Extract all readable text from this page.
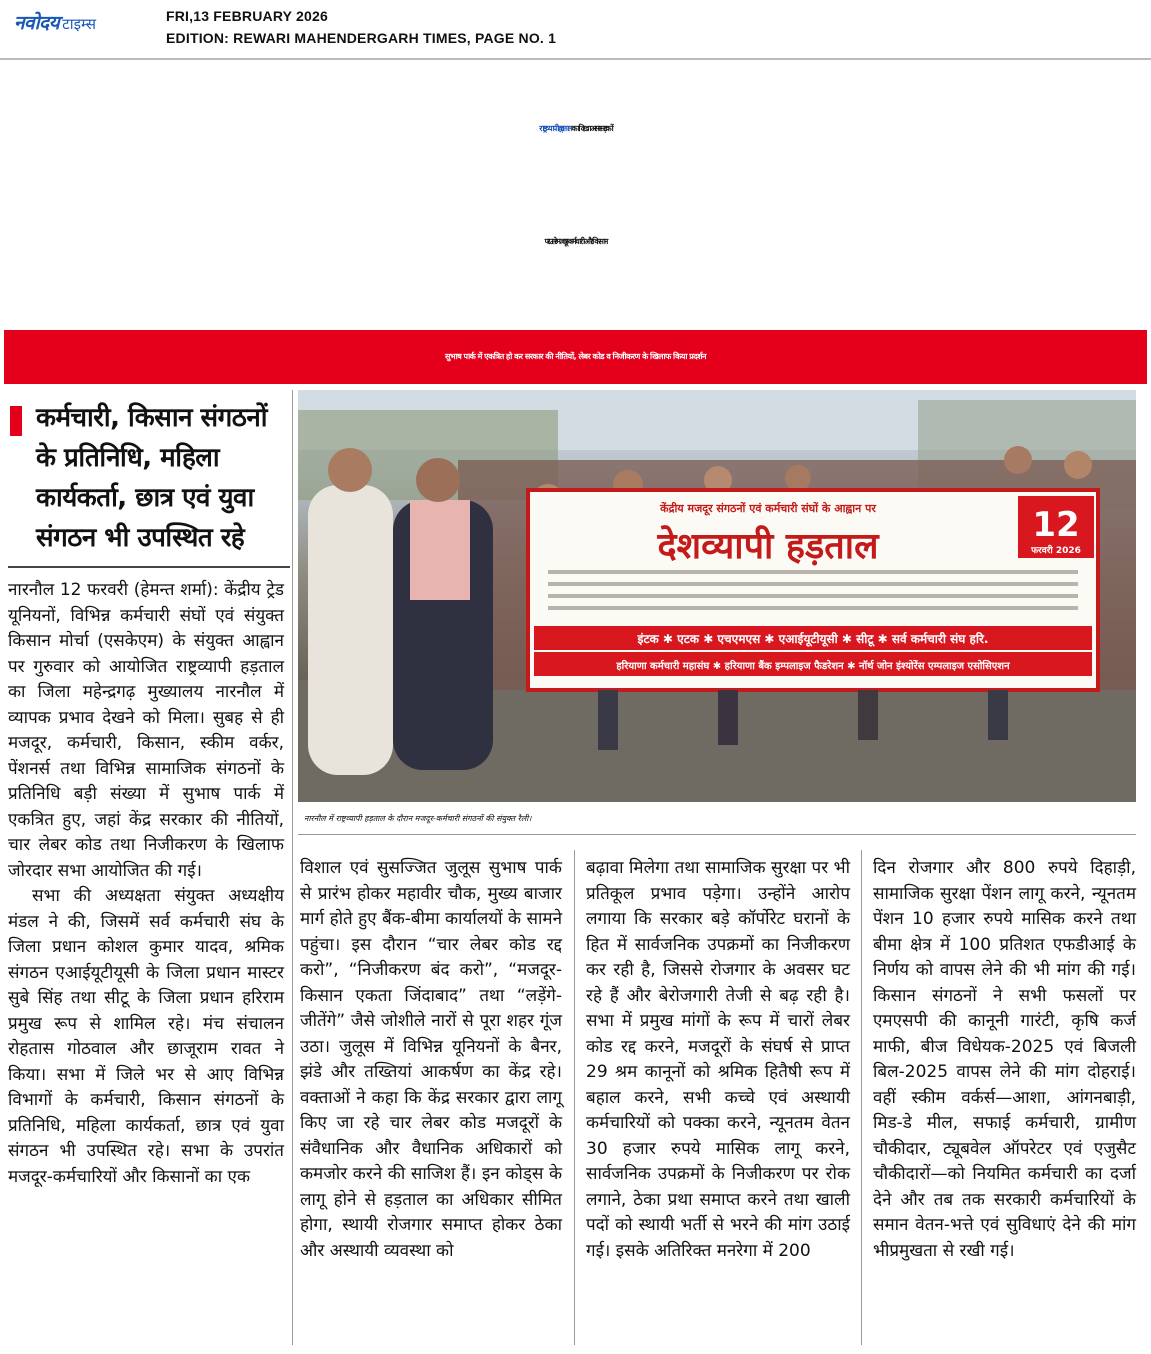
नवोदय टाइम्स	FRI,13 FEBRUARY 2026
EDITION: REWARI MAHENDERGARH TIMES, PAGE NO. 1
राष्ट्रव्यापी हड़ताल का दिखा असर सड़कों
पर उतरे मजदूर-कर्मचारी और किसान
सुभाष पार्क में एकत्रित हो कर सरकार की नीतियों, लेबर कोड व निजीकरण के खिलाफ किया प्रदर्शन
कर्मचारी, किसान संगठनों के प्रतिनिधि, महिला कार्यकर्ता, छात्र एवं युवा संगठन भी उपस्थित रहे
केंद्रीय मजदूर संगठनों एवं कर्मचारी संघों के आह्वान पर
देशव्यापी हड़ताल
12
फरवरी 2026
इंटक ✱ एटक ✱ एचएमएस ✱ एआईयूटीयूसी ✱ सीटू ✱ सर्व कर्मचारी संघ हरि.
हरियाणा कर्मचारी महासंघ ✱ हरियाणा बैंक इम्पलाइज फैडरेशन ✱ नॉर्थ जोन इंश्योरेंस एम्पलाइज एसोसिएशन
नारनौल में राष्ट्रव्यापी हड़ताल के दौरान मजदूर-कर्मचारी संगठनों की संयुक्त रैली।

नारनौल 12 फरवरी (हेमन्त शर्मा): केंद्रीय ट्रेड यूनियनों, विभिन्न कर्मचारी संघों एवं संयुक्त किसान मोर्चा (एसकेएम) के संयुक्त आह्वान पर गुरुवार को आयोजित राष्ट्रव्यापी हड़ताल का जिला महेन्द्रगढ़ मुख्यालय नारनौल में व्यापक प्रभाव देखने को मिला। सुबह से ही मजदूर, कर्मचारी, किसान, स्कीम वर्कर, पेंशनर्स तथा विभिन्न सामाजिक संगठनों के प्रतिनिधि बड़ी संख्या में सुभाष पार्क में एकत्रित हुए, जहां केंद्र सरकार की नीतियों, चार लेबर कोड तथा निजीकरण के खिलाफ जोरदार सभा आयोजित की गई।

सभा की अध्यक्षता संयुक्त अध्यक्षीय मंडल ने की, जिसमें सर्व कर्मचारी संघ के जिला प्रधान कोशल कुमार यादव, श्रमिक संगठन एआईयूटीयूसी के जिला प्रधान मास्टर सुबे सिंह तथा सीटू के जिला प्रधान हरिराम प्रमुख रूप से शामिल रहे। मंच संचालन रोहतास गोठवाल और छाजूराम रावत ने किया। सभा में जिले भर से आए विभिन्न विभागों के कर्मचारी, किसान संगठनों के प्रतिनिधि, महिला कार्यकर्ता, छात्र एवं युवा संगठन भी उपस्थित रहे। सभा के उपरांत मजदूर-कर्मचारियों और किसानों का एक

विशाल एवं सुसज्जित जुलूस सुभाष पार्क से प्रारंभ होकर महावीर चौक, मुख्य बाजार मार्ग होते हुए बैंक-बीमा कार्यालयों के सामने पहुंचा। इस दौरान “चार लेबर कोड रद्द करो”, “निजीकरण बंद करो”, “मजदूर-किसान एकता जिंदाबाद” तथा “लड़ेंगे-जीतेंगे” जैसे जोशीले नारों से पूरा शहर गूंज उठा। जुलूस में विभिन्न यूनियनों के बैनर, झंडे और तख्तियां आकर्षण का केंद्र रहे। वक्ताओं ने कहा कि केंद्र सरकार द्वारा लागू किए जा रहे चार लेबर कोड मजदूरों के संवैधानिक और वैधानिक अधिकारों को कमजोर करने की साजिश हैं। इन कोड्स के लागू होने से हड़ताल का अधिकार सीमित होगा, स्थायी रोजगार समाप्त होकर ठेका और अस्थायी व्यवस्था को

बढ़ावा मिलेगा तथा सामाजिक सुरक्षा पर भी प्रतिकूल प्रभाव पड़ेगा। उन्होंने आरोप लगाया कि सरकार बड़े कॉर्पोरेट घरानों के हित में सार्वजनिक उपक्रमों का निजीकरण कर रही है, जिससे रोजगार के अवसर घट रहे हैं और बेरोजगारी तेजी से बढ़ रही है। सभा में प्रमुख मांगों के रूप में चारों लेबर कोड रद्द करने, मजदूरों के संघर्ष से प्राप्त 29 श्रम कानूनों को श्रमिक हितैषी रूप में बहाल करने, सभी कच्चे एवं अस्थायी कर्मचारियों को पक्का करने, न्यूनतम वेतन 30 हजार रुपये मासिक लागू करने, सार्वजनिक उपक्रमों के निजीकरण पर रोक लगाने, ठेका प्रथा समाप्त करने तथा खाली पदों को स्थायी भर्ती से भरने की मांग उठाई गई। इसके अतिरिक्त मनरेगा में 200

दिन रोजगार और 800 रुपये दिहाड़ी, सामाजिक सुरक्षा पेंशन लागू करने, न्यूनतम पेंशन 10 हजार रुपये मासिक करने तथा बीमा क्षेत्र में 100 प्रतिशत एफडीआई के निर्णय को वापस लेने की भी मांग की गई। किसान संगठनों ने सभी फसलों पर एमएसपी की कानूनी गारंटी, कृषि कर्ज माफी, बीज विधेयक-2025 एवं बिजली बिल-2025 वापस लेने की मांग दोहराई। वहीं स्कीम वर्कर्स—आशा, आंगनबाड़ी, मिड-डे मील, सफाई कर्मचारी, ग्रामीण चौकीदार, ट्यूबवेल ऑपरेटर एवं एजुसैट चौकीदारों—को नियमित कर्मचारी का दर्जा देने और तब तक सरकारी कर्मचारियों के समान वेतन-भत्ते एवं सुविधाएं देने की मांग भीप्रमुखता से रखी गई।
